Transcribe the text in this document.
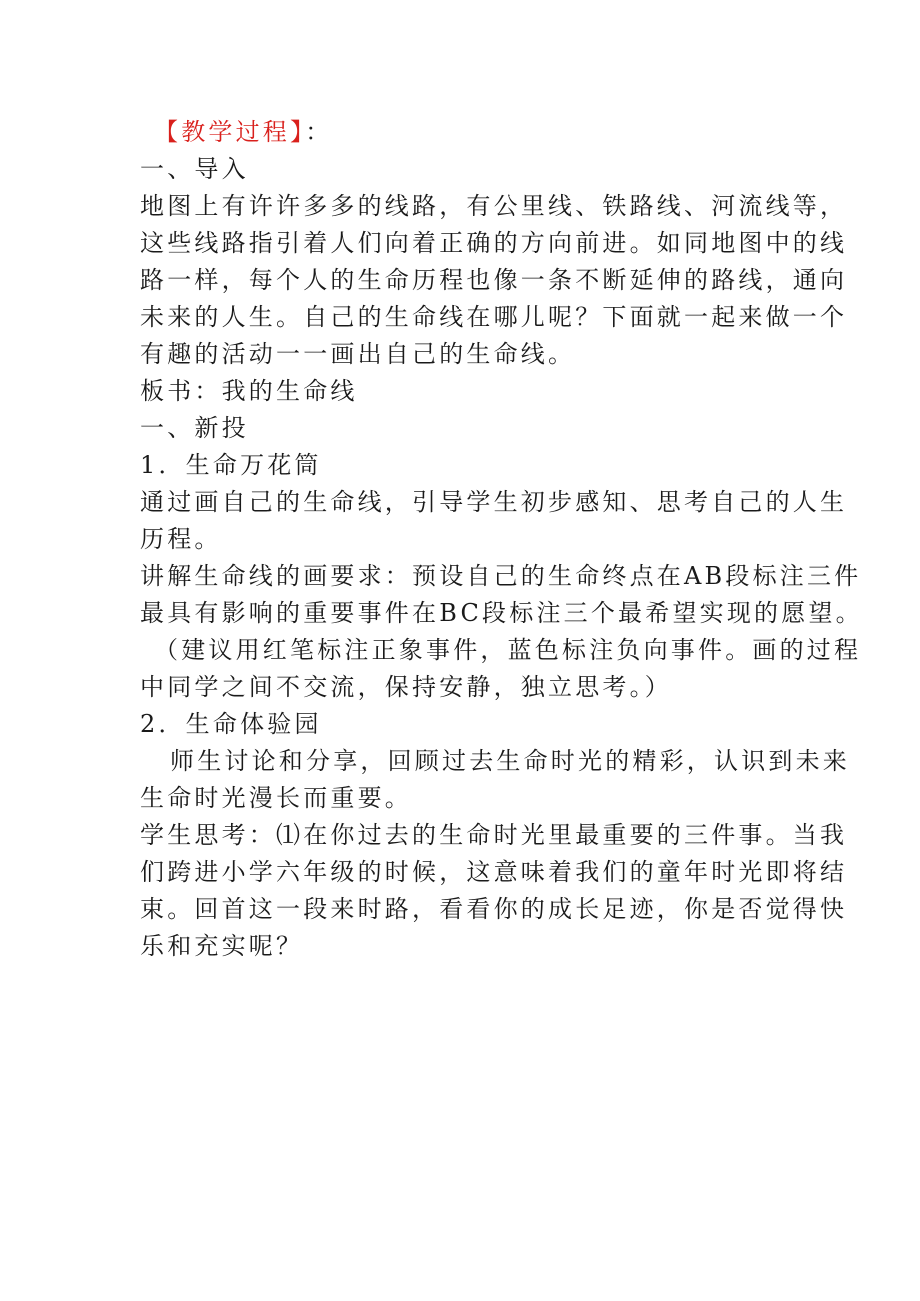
【教学过程】：

一、导入

地图上有许许多多的线路，有公里线、铁路线、河流线等，

这些线路指引着人们向着正确的方向前进。如同地图中的线

路一样，每个人的生命历程也像一条不断延伸的路线，通向

未来的人生。自己的生命线在哪儿呢？下面就一起来做一个

有趣的活动一一画出自己的生命线。

板书：我的生命线

一、新投

1．生命万花筒

通过画自己的生命线，引导学生初步感知、思考自己的人生

历程。

讲解生命线的画要求：预设自己的生命终点在AB段标注三件

最具有影响的重要事件在BC段标注三个最希望实现的愿望。

（建议用红笔标注正象事件，蓝色标注负向事件。画的过程

中同学之间不交流，保持安静，独立思考。）

2．生命体验园

师生讨论和分享，回顾过去生命时光的精彩，认识到未来

生命时光漫长而重要。

学生思考：⑴在你过去的生命时光里最重要的三件事。当我

们跨进小学六年级的时候，这意味着我们的童年时光即将结

束。回首这一段来时路，看看你的成长足迹，你是否觉得快

乐和充实呢？
